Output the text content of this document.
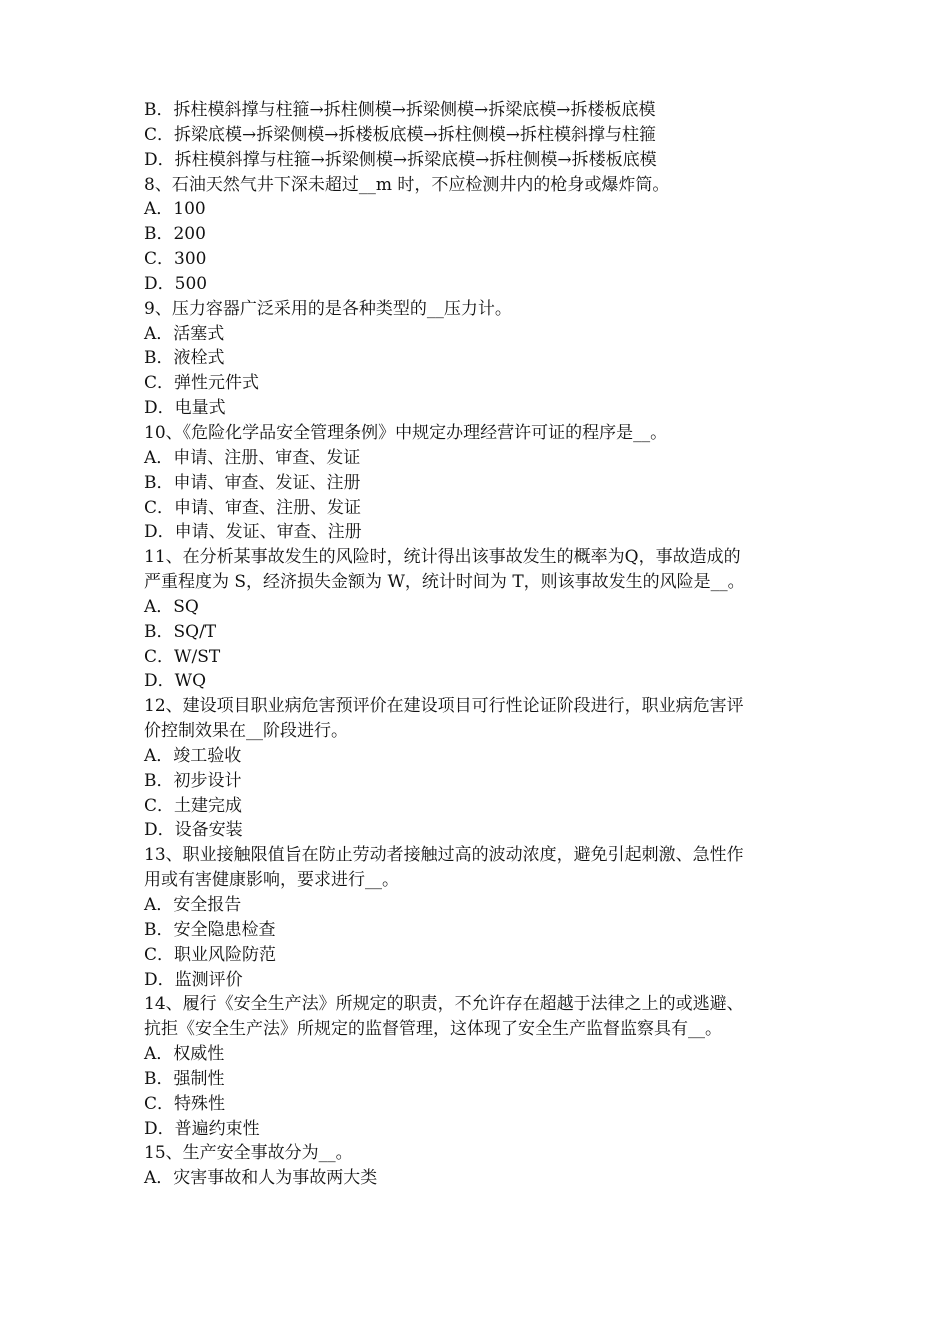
B．拆柱模斜撑与柱箍→拆柱侧模→拆梁侧模→拆梁底模→拆楼板底模
C．拆梁底模→拆梁侧模→拆楼板底模→拆柱侧模→拆柱模斜撑与柱箍
D．拆柱模斜撑与柱箍→拆梁侧模→拆梁底模→拆柱侧模→拆楼板底模
8、石油天然气井下深未超过__m 时，不应检测井内的枪身或爆炸筒。
A．100
B．200
C．300
D．500
9、压力容器广泛采用的是各种类型的__压力计。
A．活塞式
B．液栓式
C．弹性元件式
D．电量式
10、《危险化学品安全管理条例》中规定办理经营许可证的程序是__。
A．申请、注册、审查、发证
B．申请、审查、发证、注册
C．申请、审查、注册、发证
D．申请、发证、审查、注册
11、在分析某事故发生的风险时，统计得出该事故发生的概率为Q，事故造成的
严重程度为 S，经济损失金额为 W，统计时间为 T，则该事故发生的风险是__。
A．SQ
B．SQ/T
C．W/ST
D．WQ
12、建设项目职业病危害预评价在建设项目可行性论证阶段进行，职业病危害评
价控制效果在__阶段进行。
A．竣工验收
B．初步设计
C．土建完成
D．设备安装
13、职业接触限值旨在防止劳动者接触过高的波动浓度，避免引起刺激、急性作
用或有害健康影响，要求进行__。
A．安全报告
B．安全隐患检查
C．职业风险防范
D．监测评价
14、履行《安全生产法》所规定的职责，不允许存在超越于法律之上的或逃避、
抗拒《安全生产法》所规定的监督管理，这体现了安全生产监督监察具有__。
A．权威性
B．强制性
C．特殊性
D．普遍约束性
15、生产安全事故分为__。
A．灾害事故和人为事故两大类
